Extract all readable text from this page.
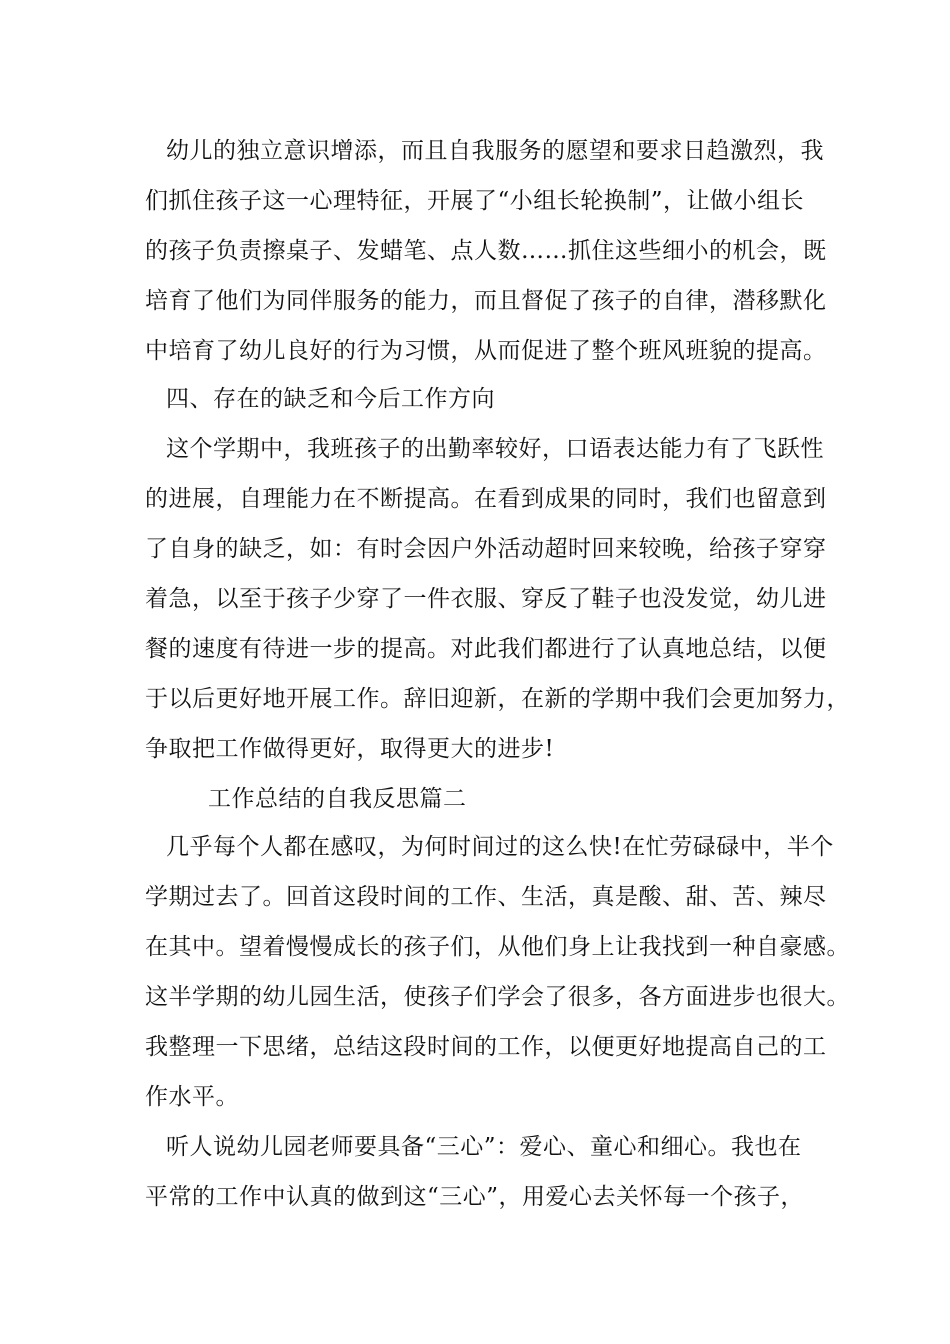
幼儿的独立意识增添，而且自我服务的愿望和要求日趋激烈，我
们抓住孩子这一心理特征，开展了“小组长轮换制”，让做小组长
的孩子负责擦桌子、发蜡笔、点人数……抓住这些细小的机会，既
培育了他们为同伴服务的能力，而且督促了孩子的自律，潜移默化
中培育了幼儿良好的行为习惯，从而促进了整个班风班貌的提高。
四、存在的缺乏和今后工作方向
这个学期中，我班孩子的出勤率较好，口语表达能力有了飞跃性
的进展，自理能力在不断提高。在看到成果的同时，我们也留意到
了自身的缺乏，如：有时会因户外活动超时回来较晚，给孩子穿穿
着急，以至于孩子少穿了一件衣服、穿反了鞋子也没发觉，幼儿进
餐的速度有待进一步的提高。对此我们都进行了认真地总结，以便
于以后更好地开展工作。辞旧迎新，在新的学期中我们会更加努力，
争取把工作做得更好，取得更大的进步!
工作总结的自我反思篇二
几乎每个人都在感叹，为何时间过的这么快!在忙劳碌碌中，半个
学期过去了。回首这段时间的工作、生活，真是酸、甜、苦、辣尽
在其中。望着慢慢成长的孩子们，从他们身上让我找到一种自豪感。
这半学期的幼儿园生活，使孩子们学会了很多，各方面进步也很大。
我整理一下思绪，总结这段时间的工作，以便更好地提高自己的工
作水平。
听人说幼儿园老师要具备“三心”：爱心、童心和细心。我也在
平常的工作中认真的做到这“三心”，用爱心去关怀每一个孩子，
